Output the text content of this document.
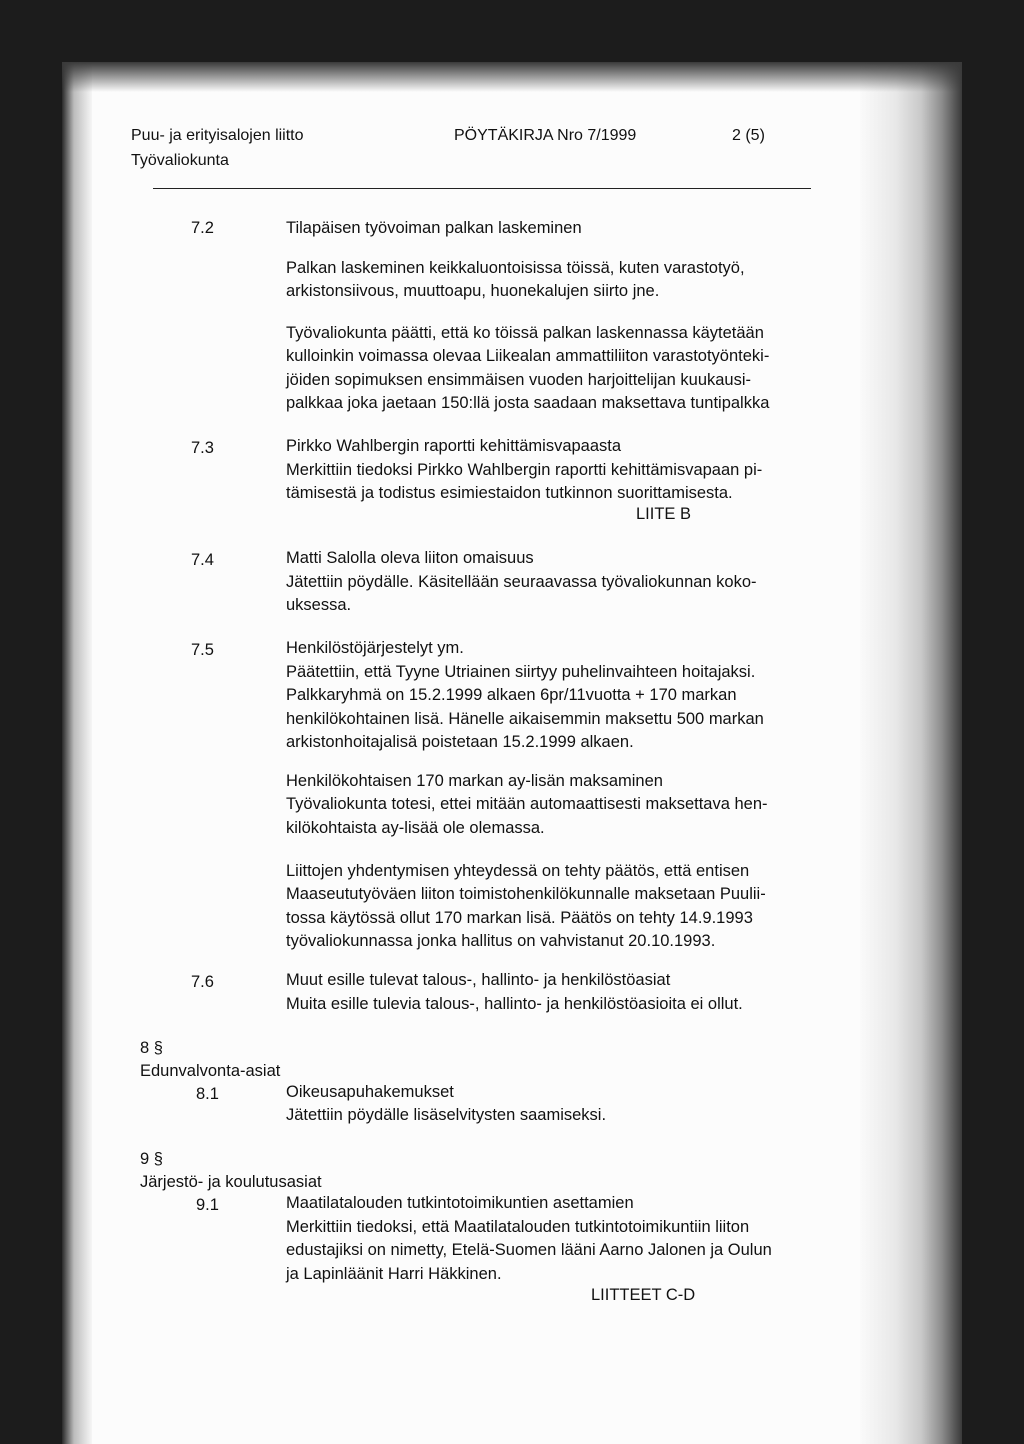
Puu- ja erityisalojen liitto
Työvaliokunta
PÖYTÄKIRJA Nro 7/1999	2 (5)
7.2	Tilapäisen työvoiman palkan laskeminen
Palkan laskeminen keikkaluontoisissa töissä, kuten varastotyö,
arkistonsiivous, muuttoapu, huonekalujen siirto jne.
Työvaliokunta päätti, että ko töissä palkan laskennassa käytetään
kulloinkin voimassa olevaa Liikealan ammattiliiton varastotyönteki-
jöiden sopimuksen ensimmäisen vuoden harjoittelijan kuukausi-
palkkaa joka jaetaan 150:llä josta saadaan maksettava tuntipalkka
7.3	Pirkko Wahlbergin raportti kehittämisvapaasta
Merkittiin tiedoksi Pirkko Wahlbergin raportti kehittämisvapaan pi-
tämisestä ja todistus esimiestaidon tutkinnon suorittamisesta.
LIITE B
7.4	Matti Salolla oleva liiton omaisuus
Jätettiin pöydälle. Käsitellään seuraavassa työvaliokunnan koko-
uksessa.
7.5	Henkilöstöjärjestelyt ym.
Päätettiin, että Tyyne Utriainen siirtyy puhelinvaihteen hoitajaksi.
Palkkaryhmä on 15.2.1999 alkaen 6pr/11vuotta + 170 markan
henkilökohtainen lisä. Hänelle aikaisemmin maksettu 500 markan
arkistonhoitajalisä poistetaan 15.2.1999 alkaen.
Henkilökohtaisen 170 markan ay-lisän maksaminen
Työvaliokunta totesi, ettei mitään automaattisesti maksettava hen-
kilökohtaista ay-lisää ole olemassa.
Liittojen yhdentymisen yhteydessä on tehty päätös, että entisen
Maaseututyöväen liiton toimistohenkilökunnalle maksetaan Puulii-
tossa käytössä ollut 170 markan lisä. Päätös on tehty 14.9.1993
työvaliokunnassa jonka hallitus on vahvistanut 20.10.1993.
7.6	Muut esille tulevat talous-, hallinto- ja henkilöstöasiat
Muita esille tulevia talous-, hallinto- ja henkilöstöasioita ei ollut.
8 §
Edunvalvonta-asiat
8.1	Oikeusapuhakemukset
Jätettiin pöydälle lisäselvitysten saamiseksi.
9 §
Järjestö- ja koulutusasiat
9.1	Maatilatalouden tutkintotoimikuntien asettamien
Merkittiin tiedoksi, että Maatilatalouden tutkintotoimikuntiin liiton
edustajiksi on nimetty, Etelä-Suomen lääni Aarno Jalonen ja Oulun
ja Lapinläänit Harri Häkkinen.
LIITTEET C-D
